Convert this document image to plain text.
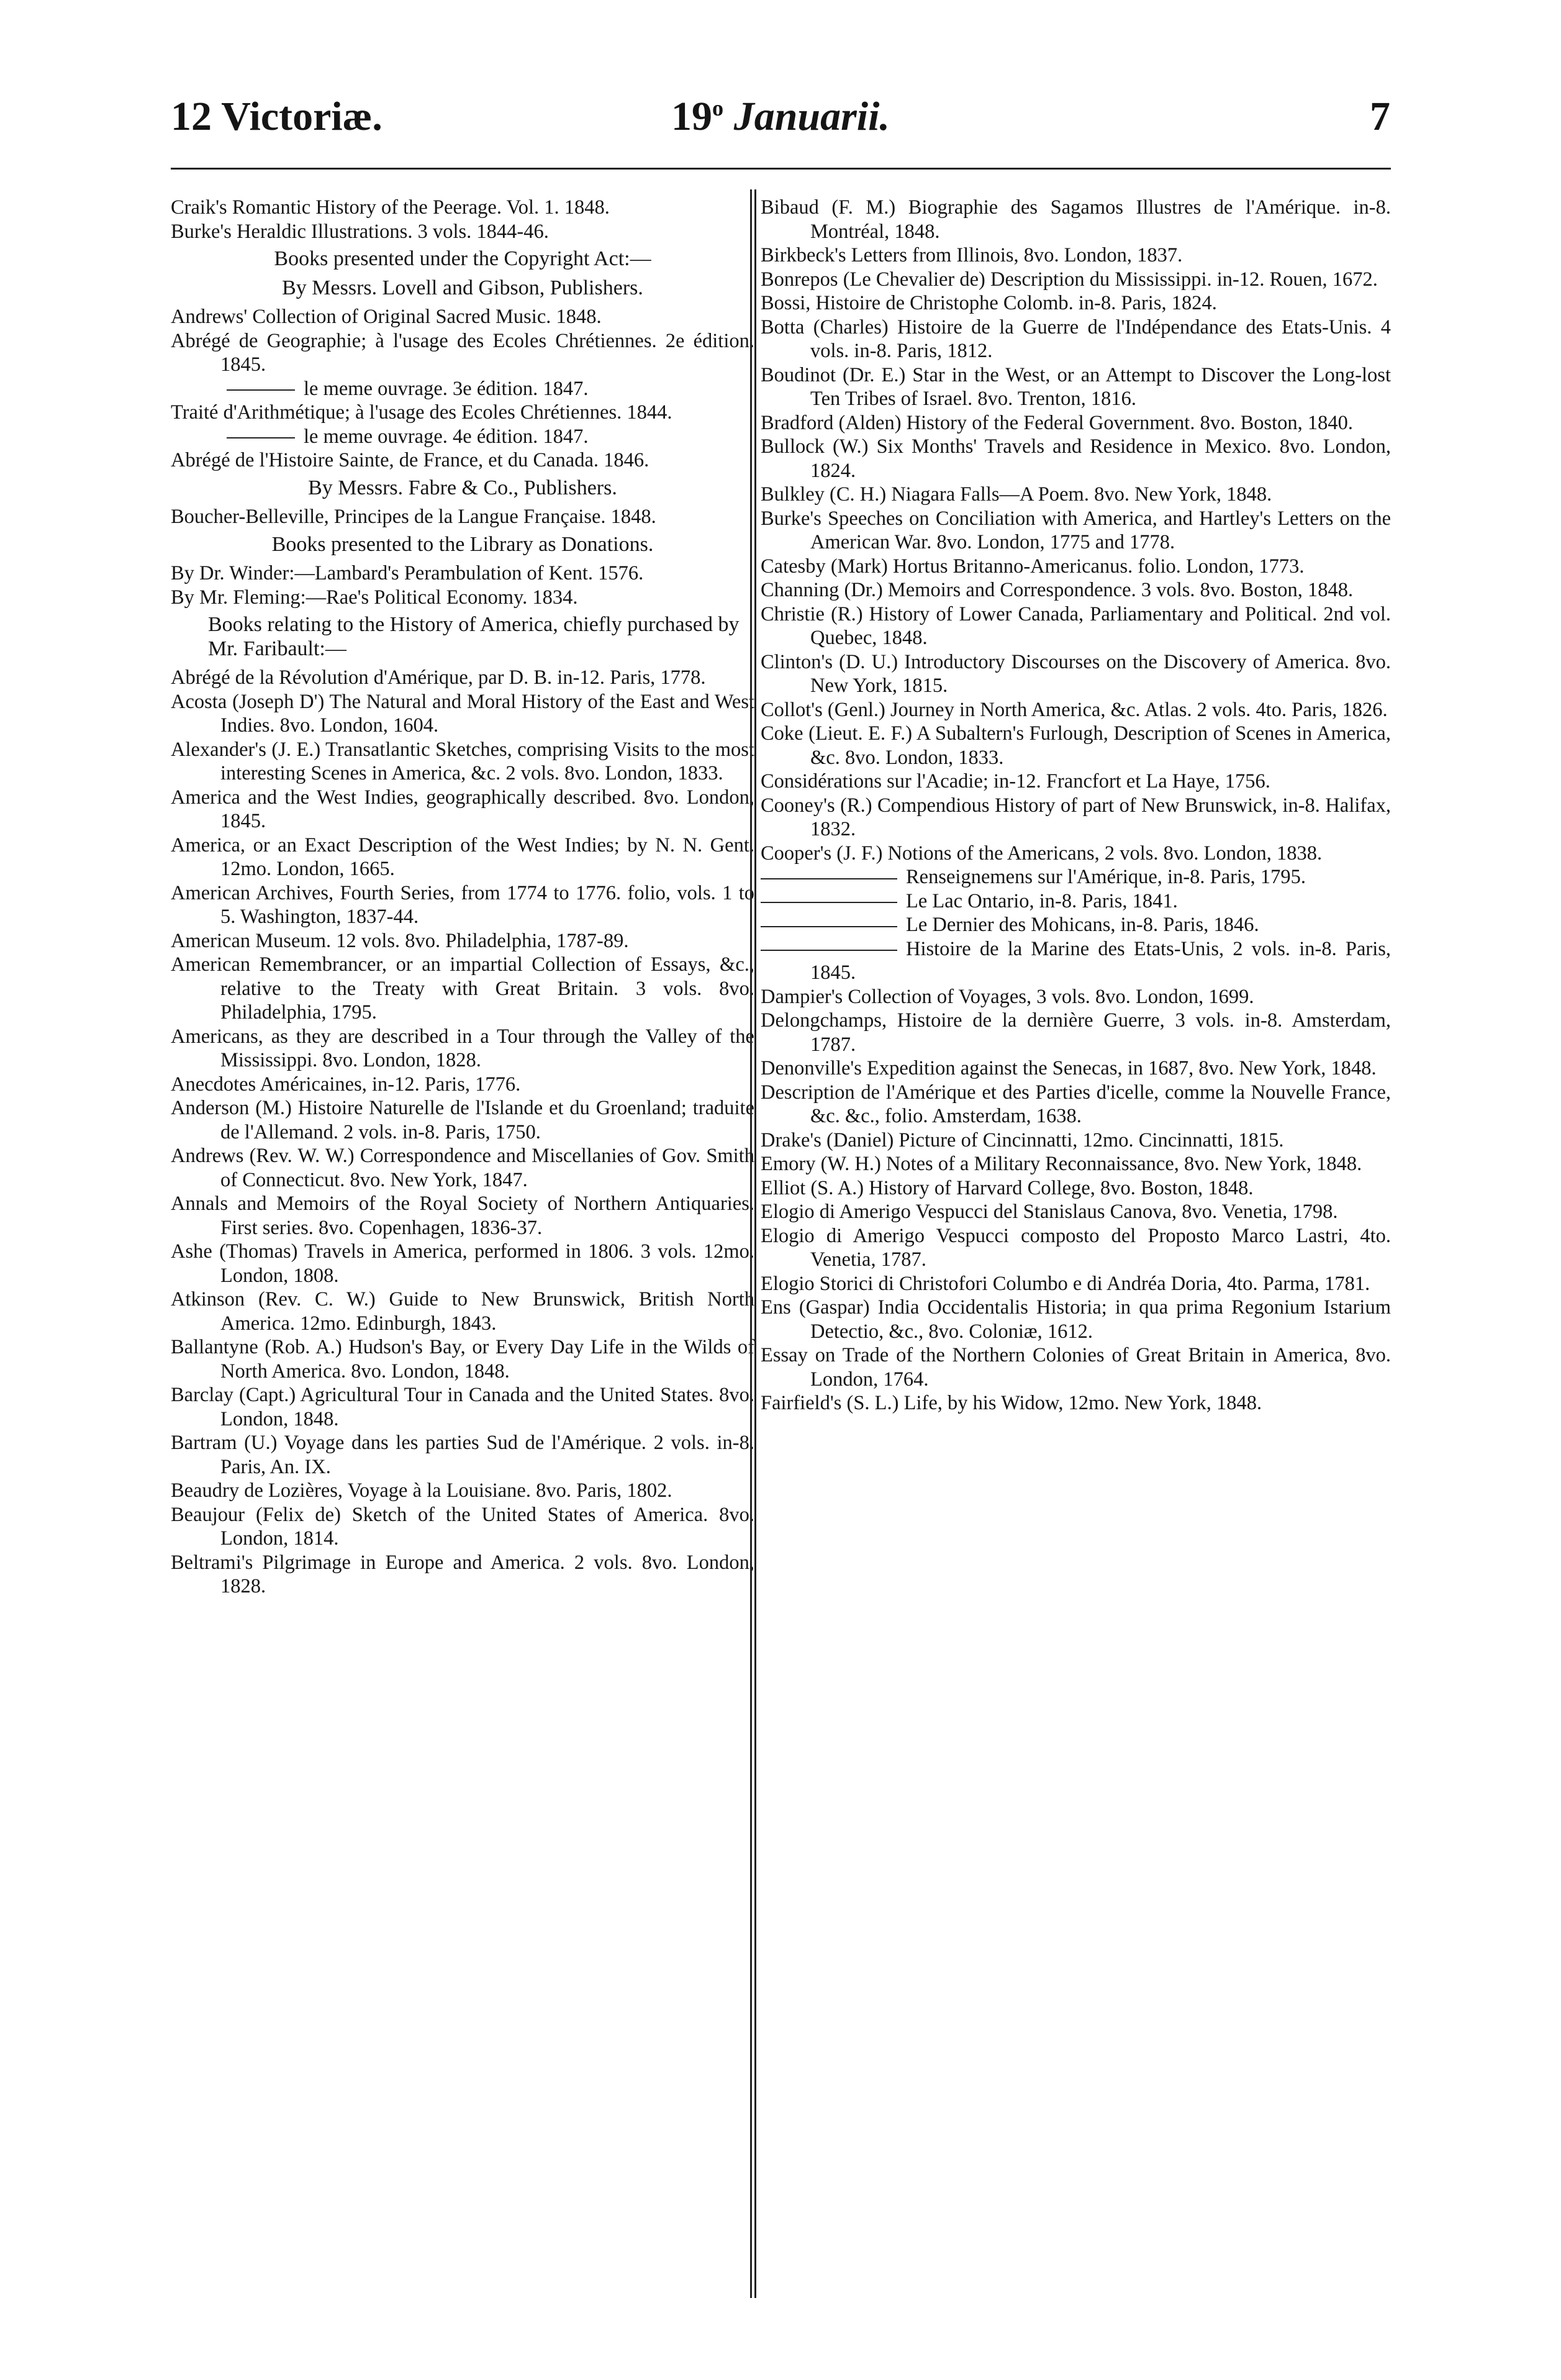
12 Victoriæ.	19$^o$ Januarii.	7

Craik's Romantic History of the Peerage. Vol. 1. 1848.

Burke's Heraldic Illustrations. 3 vols. 1844-46.

Books presented under the Copyright Act:—

By Messrs. Lovell and Gibson, Publishers.

Andrews' Collection of Original Sacred Music. 1848.

Abrégé de Geographie; à l'usage des Ecoles Chrétiennes. 2e édition. 1845.

le meme ouvrage. 3e édition. 1847.

Traité d'Arithmétique; à l'usage des Ecoles Chrétiennes. 1844.

le meme ouvrage. 4e édition. 1847.

Abrégé de l'Histoire Sainte, de France, et du Canada. 1846.

By Messrs. Fabre & Co., Publishers.

Boucher-Belleville, Principes de la Langue Française. 1848.

Books presented to the Library as Donations.

By Dr. Winder:—Lambard's Perambulation of Kent. 1576.

By Mr. Fleming:—Rae's Political Economy. 1834.

Books relating to the History of America, chiefly purchased by Mr. Faribault:—

Abrégé de la Révolution d'Amérique, par D. B. in-12. Paris, 1778.

Acosta (Joseph D') The Natural and Moral History of the East and West Indies. 8vo. London, 1604.

Alexander's (J. E.) Transatlantic Sketches, comprising Visits to the most interesting Scenes in America, &c. 2 vols. 8vo. London, 1833.

America and the West Indies, geographically described. 8vo. London, 1845.

America, or an Exact Description of the West Indies; by N. N. Gent. 12mo. London, 1665.

American Archives, Fourth Series, from 1774 to 1776. folio, vols. 1 to 5. Washington, 1837-44.

American Museum. 12 vols. 8vo. Philadelphia, 1787-89.

American Remembrancer, or an impartial Collection of Essays, &c., relative to the Treaty with Great Britain. 3 vols. 8vo. Philadelphia, 1795.

Americans, as they are described in a Tour through the Valley of the Mississippi. 8vo. London, 1828.

Anecdotes Américaines, in-12. Paris, 1776.

Anderson (M.) Histoire Naturelle de l'Islande et du Groenland; traduite de l'Allemand. 2 vols. in-8. Paris, 1750.

Andrews (Rev. W. W.) Correspondence and Miscellanies of Gov. Smith of Connecticut. 8vo. New York, 1847.

Annals and Memoirs of the Royal Society of Northern Antiquaries. First series. 8vo. Copenhagen, 1836-37.

Ashe (Thomas) Travels in America, performed in 1806. 3 vols. 12mo. London, 1808.

Atkinson (Rev. C. W.) Guide to New Brunswick, British North America. 12mo. Edinburgh, 1843.

Ballantyne (Rob. A.) Hudson's Bay, or Every Day Life in the Wilds of North America. 8vo. London, 1848.

Barclay (Capt.) Agricultural Tour in Canada and the United States. 8vo. London, 1848.

Bartram (U.) Voyage dans les parties Sud de l'Amérique. 2 vols. in-8. Paris, An. IX.

Beaudry de Lozières, Voyage à la Louisiane. 8vo. Paris, 1802.

Beaujour (Felix de) Sketch of the United States of America. 8vo. London, 1814.

Beltrami's Pilgrimage in Europe and America. 2 vols. 8vo. London, 1828.

Bibaud (F. M.) Biographie des Sagamos Illustres de l'Amérique. in-8. Montréal, 1848.

Birkbeck's Letters from Illinois, 8vo. London, 1837.

Bonrepos (Le Chevalier de) Description du Mississippi. in-12. Rouen, 1672.

Bossi, Histoire de Christophe Colomb. in-8. Paris, 1824.

Botta (Charles) Histoire de la Guerre de l'Indépendance des Etats-Unis. 4 vols. in-8. Paris, 1812.

Boudinot (Dr. E.) Star in the West, or an Attempt to Discover the Long-lost Ten Tribes of Israel. 8vo. Trenton, 1816.

Bradford (Alden) History of the Federal Government. 8vo. Boston, 1840.

Bullock (W.) Six Months' Travels and Residence in Mexico. 8vo. London, 1824.

Bulkley (C. H.) Niagara Falls—A Poem. 8vo. New York, 1848.

Burke's Speeches on Conciliation with America, and Hartley's Letters on the American War. 8vo. London, 1775 and 1778.

Catesby (Mark) Hortus Britanno-Americanus. folio. London, 1773.

Channing (Dr.) Memoirs and Correspondence. 3 vols. 8vo. Boston, 1848.

Christie (R.) History of Lower Canada, Parliamentary and Political. 2nd vol. Quebec, 1848.

Clinton's (D. U.) Introductory Discourses on the Discovery of America. 8vo. New York, 1815.

Collot's (Genl.) Journey in North America, &c. Atlas. 2 vols. 4to. Paris, 1826.

Coke (Lieut. E. F.) A Subaltern's Furlough, Description of Scenes in America, &c. 8vo. London, 1833.

Considérations sur l'Acadie; in-12. Francfort et La Haye, 1756.

Cooney's (R.) Compendious History of part of New Brunswick, in-8. Halifax, 1832.

Cooper's (J. F.) Notions of the Americans, 2 vols. 8vo. London, 1838.

Renseignemens sur l'Amérique, in-8. Paris, 1795.

Le Lac Ontario, in-8. Paris, 1841.

Le Dernier des Mohicans, in-8. Paris, 1846.

Histoire de la Marine des Etats-Unis, 2 vols. in-8. Paris, 1845.

Dampier's Collection of Voyages, 3 vols. 8vo. London, 1699.

Delongchamps, Histoire de la dernière Guerre, 3 vols. in-8. Amsterdam, 1787.

Denonville's Expedition against the Senecas, in 1687, 8vo. New York, 1848.

Description de l'Amérique et des Parties d'icelle, comme la Nouvelle France, &c. &c., folio. Amsterdam, 1638.

Drake's (Daniel) Picture of Cincinnatti, 12mo. Cincinnatti, 1815.

Emory (W. H.) Notes of a Military Reconnaissance, 8vo. New York, 1848.

Elliot (S. A.) History of Harvard College, 8vo. Boston, 1848.

Elogio di Amerigo Vespucci del Stanislaus Canova, 8vo. Venetia, 1798.

Elogio di Amerigo Vespucci composto del Proposto Marco Lastri, 4to. Venetia, 1787.

Elogio Storici di Christofori Columbo e di Andréa Doria, 4to. Parma, 1781.

Ens (Gaspar) India Occidentalis Historia; in qua prima Regonium Istarium Detectio, &c., 8vo. Coloniæ, 1612.

Essay on Trade of the Northern Colonies of Great Britain in America, 8vo. London, 1764.

Fairfield's (S. L.) Life, by his Widow, 12mo. New York, 1848.
